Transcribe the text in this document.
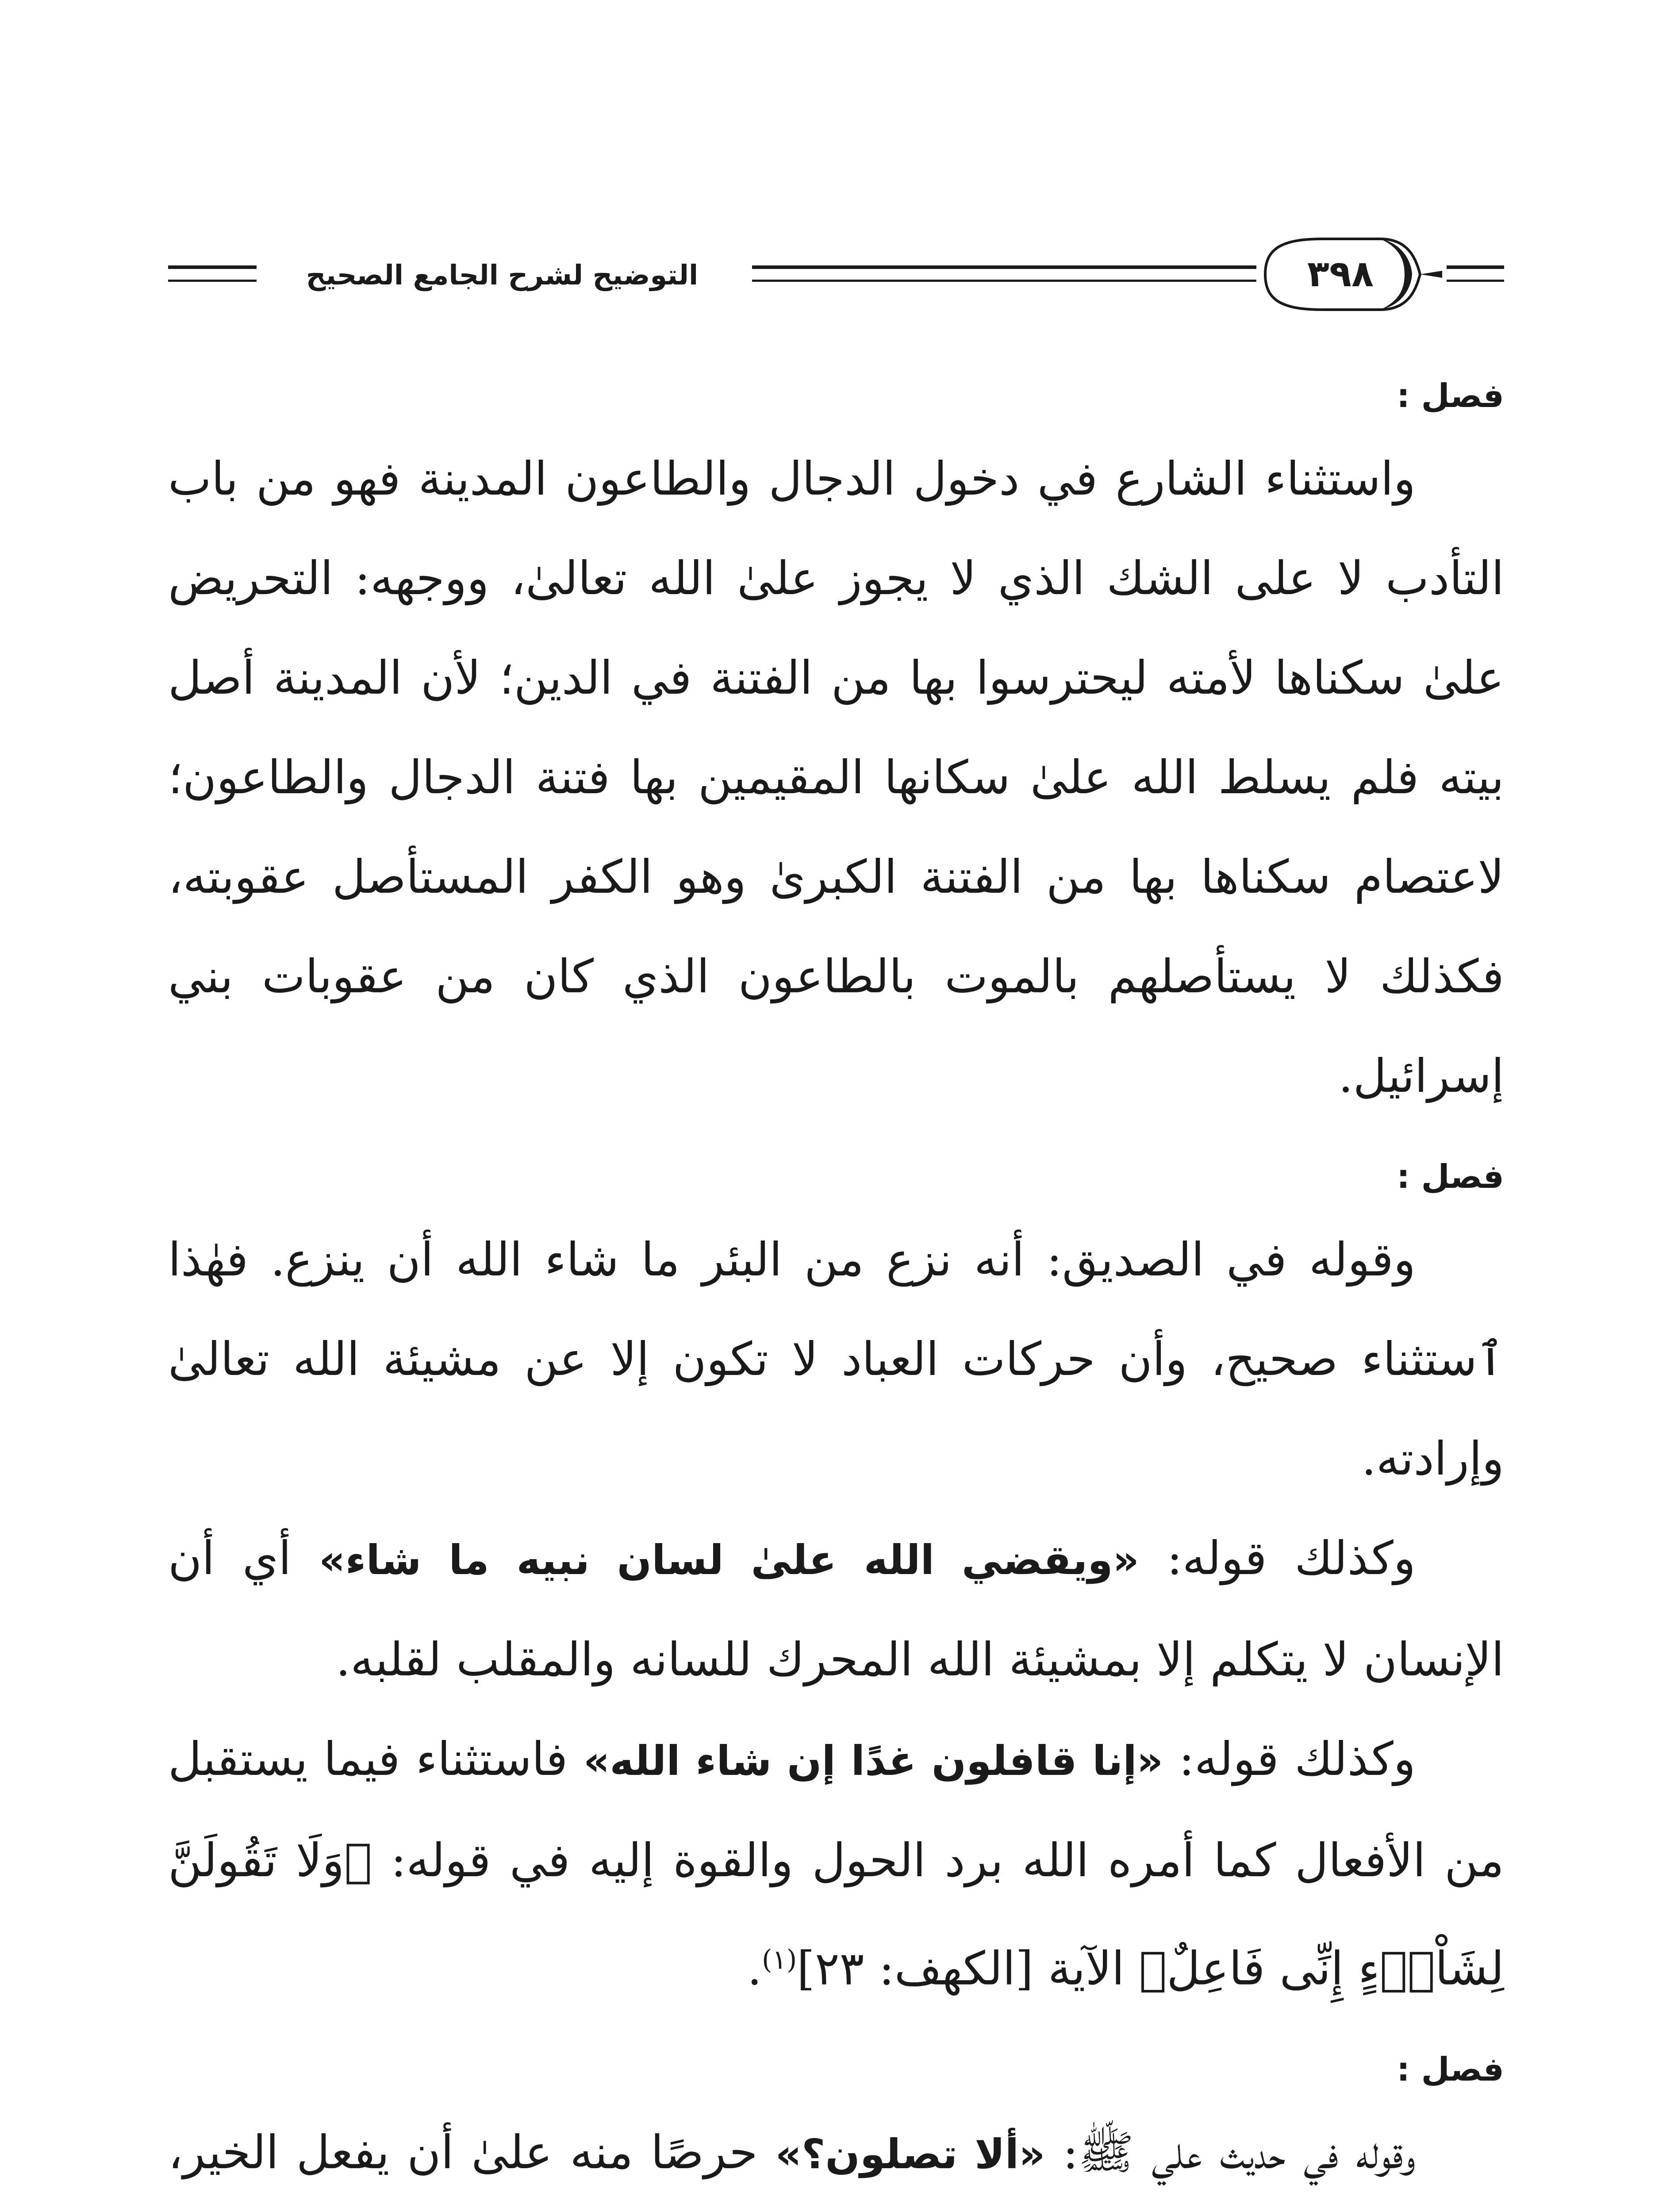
التوضيح لشرح الجامع الصحيح	٣٩٨

فصل :

واستثناء الشارع في دخول الدجال والطاعون المدينة فهو من باب التأدب لا على الشك الذي لا يجوز علىٰ الله تعالىٰ، ووجهه: التحريض علىٰ سكناها لأمته ليحترسوا بها من الفتنة في الدين؛ لأن المدينة أصل بيته فلم يسلط الله علىٰ سكانها المقيمين بها فتنة الدجال والطاعون؛ لاعتصام سكناها بها من الفتنة الكبرىٰ وهو الكفر المستأصل عقوبته، فكذلك لا يستأصلهم بالموت بالطاعون الذي كان من عقوبات بني إسرائيل.

فصل :

وقوله في الصديق: أنه نزع من البئر ما شاء الله أن ينزع. فهٰذا ٱستثناء صحيح، وأن حركات العباد لا تكون إلا عن مشيئة الله تعالىٰ وإرادته.

وكذلك قوله: «ويقضي الله علىٰ لسان نبيه ما شاء» أي أن الإنسان لا يتكلم إلا بمشيئة الله المحرك للسانه والمقلب لقلبه.

وكذلك قوله: «إنا قافلون غدًا إن شاء الله» فاستثناء فيما يستقبل من الأفعال كما أمره الله برد الحول والقوة إليه في قوله: ﴿وَلَا تَقُولَنَّ لِشَاْىۡءٍ إِنِّى فَاعِلٌ﴾ الآية [الكهف: ٢٣]$^{(١)}$.

فصل :

وقوله في حديث علي ﷺ: «ألا تصلون؟» حرصًا منه علىٰ أن يفعل الخير،
